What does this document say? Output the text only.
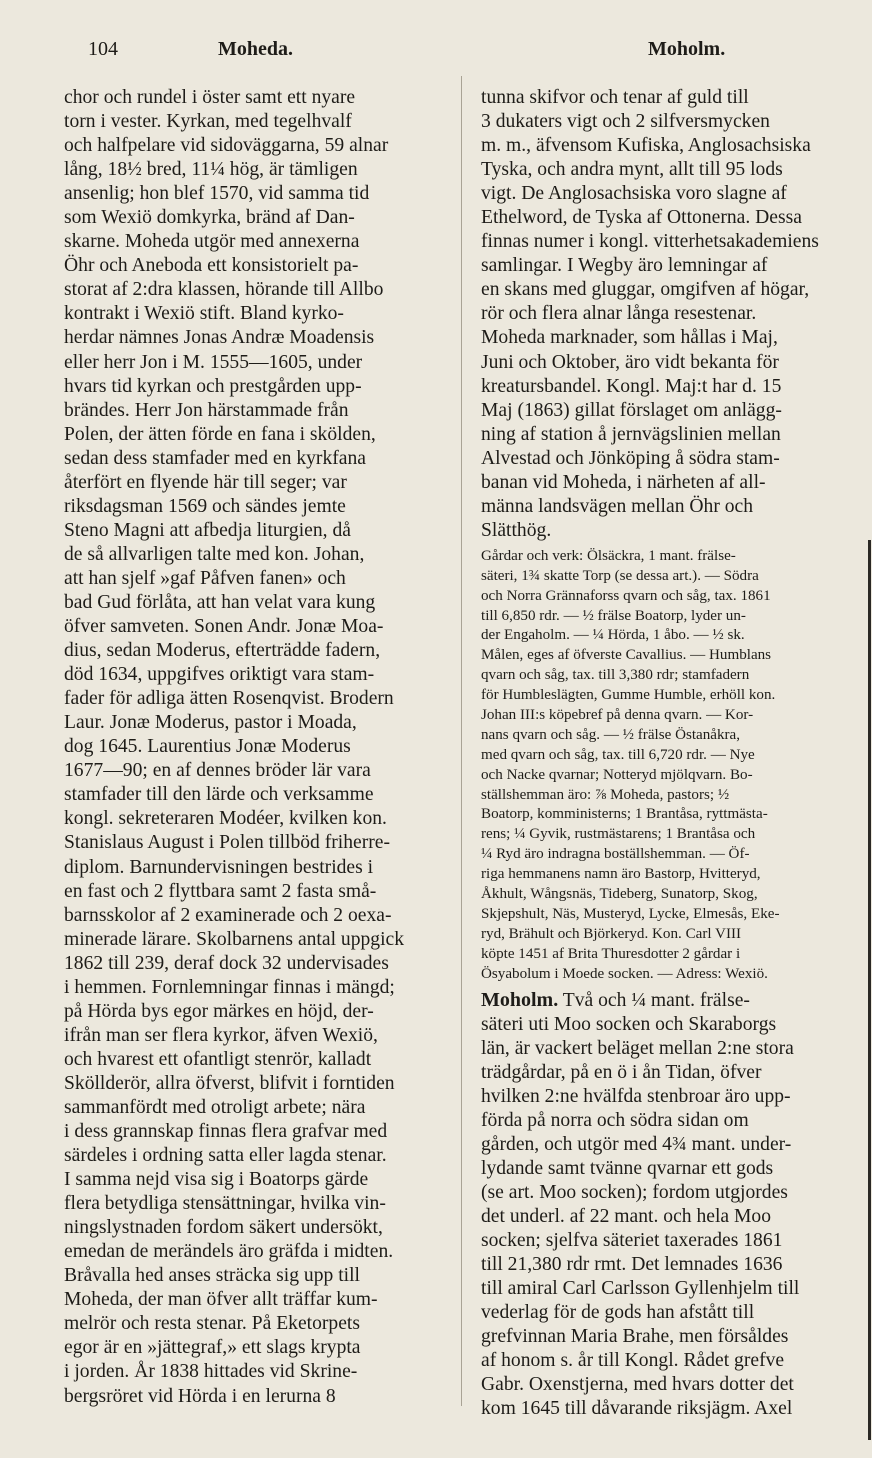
104	Moheda.	Moholm.
chor och rundel i öster samt ett nyare
torn i vester. Kyrkan, med tegelhvalf
och halfpelare vid sidoväggarna, 59 alnar
lång, 18½ bred, 11¼ hög, är tämligen
ansenlig; hon blef 1570, vid samma tid
som Wexiö domkyrka, bränd af Dan-
skarne. Moheda utgör med annexerna
Öhr och Aneboda ett konsistorielt pa-
storat af 2:dra klassen, hörande till Allbo
kontrakt i Wexiö stift. Bland kyrko-
herdar nämnes Jonas Andræ Moadensis
eller herr Jon i M. 1555—1605, under
hvars tid kyrkan och prestgården upp-
brändes. Herr Jon härstammade från
Polen, der ätten förde en fana i skölden,
sedan dess stamfader med en kyrkfana
återfört en flyende här till seger; var
riksdagsman 1569 och sändes jemte
Steno Magni att afbedja liturgien, då
de så allvarligen talte med kon. Johan,
att han sjelf »gaf Påfven fanen» och
bad Gud förlåta, att han velat vara kung
öfver samveten. Sonen Andr. Jonæ Moa-
dius, sedan Moderus, efterträdde fadern,
död 1634, uppgifves oriktigt vara stam-
fader för adliga ätten Rosenqvist. Brodern
Laur. Jonæ Moderus, pastor i Moada,
dog 1645. Laurentius Jonæ Moderus
1677—90; en af dennes bröder lär vara
stamfader till den lärde och verksamme
kongl. sekreteraren Modéer, kvilken kon.
Stanislaus August i Polen tillböd friherre-
diplom. Barnundervisningen bestrides i
en fast och 2 flyttbara samt 2 fasta små-
barnsskolor af 2 examinerade och 2 oexa-
minerade lärare. Skolbarnens antal uppgick
1862 till 239, deraf dock 32 undervisades
i hemmen. Fornlemningar finnas i mängd;
på Hörda bys egor märkes en höjd, der-
ifrån man ser flera kyrkor, äfven Wexiö,
och hvarest ett ofantligt stenrör, kalladt
Sköllderör, allra öfverst, blifvit i forntiden
sammanfördt med otroligt arbete; nära
i dess grannskap finnas flera grafvar med
särdeles i ordning satta eller lagda stenar.
I samma nejd visa sig i Boatorps gärde
flera betydliga stensättningar, hvilka vin-
ningslystnaden fordom säkert undersökt,
emedan de merändels äro gräfda i midten.
Bråvalla hed anses sträcka sig upp till
Moheda, der man öfver allt träffar kum-
melrör och resta stenar. På Eketorpets
egor är en »jättegraf,» ett slags krypta
i jorden. År 1838 hittades vid Skrine-
bergsröret vid Hörda i en lerurna 8
tunna skifvor och tenar af guld till
3 dukaters vigt och 2 silfversmycken
m. m., äfvensom Kufiska, Anglosachsiska
Tyska, och andra mynt, allt till 95 lods
vigt. De Anglosachsiska voro slagne af
Ethelword, de Tyska af Ottonerna. Dessa
finnas numer i kongl. vitterhetsakademiens
samlingar. I Wegby äro lemningar af
en skans med gluggar, omgifven af högar,
rör och flera alnar långa resestenar.
Moheda marknader, som hållas i Maj,
Juni och Oktober, äro vidt bekanta för
kreatursbandel. Kongl. Maj:t har d. 15
Maj (1863) gillat förslaget om anlägg-
ning af station å jernvägslinien mellan
Alvestad och Jönköping å södra stam-
banan vid Moheda, i närheten af all-
männa landsvägen mellan Öhr och
Slätthög.
Gårdar och verk: Ölsäckra, 1 mant. frälse-
säteri, 1¾ skatte Torp (se dessa art.). — Södra
och Norra Grännaforss qvarn och såg, tax. 1861
till 6,850 rdr. — ½ frälse Boatorp, lyder un-
der Engaholm. — ¼ Hörda, 1 åbo. — ½ sk.
Målen, eges af öfverste Cavallius. — Humblans
qvarn och såg, tax. till 3,380 rdr; stamfadern
för Humbleslägten, Gumme Humble, erhöll kon.
Johan III:s köpebref på denna qvarn. — Kor-
nans qvarn och såg. — ½ frälse Östanåkra,
med qvarn och såg, tax. till 6,720 rdr. — Nye
och Nacke qvarnar; Notteryd mjölqvarn. Bo-
ställshemman äro: ⅞ Moheda, pastors; ½
Boatorp, komministerns; 1 Brantåsa, ryttmästa-
rens; ¼ Gyvik, rustmästarens; 1 Brantåsa och
¼ Ryd äro indragna boställshemman. — Öf-
riga hemmanens namn äro Bastorp, Hvitteryd,
Åkhult, Wångsnäs, Tideberg, Sunatorp, Skog,
Skjepshult, Näs, Musteryd, Lycke, Elmesås, Eke-
ryd, Brähult och Björkeryd. Kon. Carl VIII
köpte 1451 af Brita Thuresdotter 2 gårdar i
Ösyabolum i Moede socken. — Adress: Wexiö.
Moholm. Två och ¼ mant. frälse-
säteri uti Moo socken och Skaraborgs
län, är vackert beläget mellan 2:ne stora
trädgårdar, på en ö i ån Tidan, öfver
hvilken 2:ne hvälfda stenbroar äro upp-
förda på norra och södra sidan om
gården, och utgör med 4¾ mant. under-
lydande samt tvänne qvarnar ett gods
(se art. Moo socken); fordom utgjordes
det underl. af 22 mant. och hela Moo
socken; sjelfva säteriet taxerades 1861
till 21,380 rdr rmt. Det lemnades 1636
till amiral Carl Carlsson Gyllenhjelm till
vederlag för de gods han afstått till
grefvinnan Maria Brahe, men försåldes
af honom s. år till Kongl. Rådet grefve
Gabr. Oxenstjerna, med hvars dotter det
kom 1645 till dåvarande riksjägm. Axel
